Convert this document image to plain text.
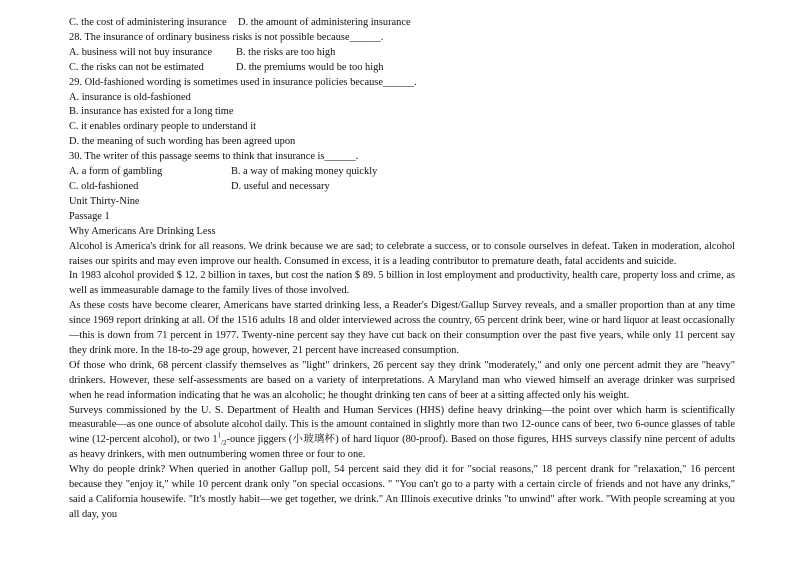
C. the cost of administering insurance	D. the amount of administering insurance
28. The insurance of ordinary business risks is not possible because______.
A. business will not buy insurance	B. the risks are too high
C. the risks can not be estimated	D. the premiums would be too high
29. Old-fashioned wording is sometimes used in insurance policies because______.
A. insurance is old-fashioned
B. insurance has existed for a long time
C. it enables ordinary people to understand it
D. the meaning of such wording has been agreed upon
30. The writer of this passage seems to think that insurance is______.
A. a form of gambling	B. a way of making money quickly
C. old-fashioned	D. useful and necessary
Unit Thirty-Nine
Passage 1
Why Americans Are Drinking Less
Alcohol is America's drink for all reasons. We drink because we are sad; to celebrate a success, or to console ourselves in defeat. Taken in moderation, alcohol raises our spirits and may even improve our health. Consumed in excess, it is a leading contributor to premature death, fatal accidents and suicide.
In 1983 alcohol provided $ 12. 2 billion in taxes, but cost the nation $ 89. 5 billion in lost employment and productivity, health care, property loss and crime, as well as immeasurable damage to the family lives of those involved.
As these costs have become clearer, Americans have started drinking less, a Reader's Digest/Gallup Survey reveals, and a smaller proportion than at any time since 1969 report drinking at all. Of the 1516 adults 18 and older interviewed across the country, 65 percent drink beer, wine or hard liquor at least occasionally—this is down from 71 percent in 1977. Twenty-nine percent say they have cut back on their consumption over the past five years, while only 11 percent say they drink more. In the 18-to-29 age group, however, 21 percent have increased consumption.
Of those who drink, 68 percent classify themselves as "light" drinkers, 26 percent say they drink "moderately," and only one percent admit they are "heavy" drinkers. However, these self-assessments are based on a variety of interpretations. A Maryland man who viewed himself an average drinker was surprised when he read information indicating that he was an alcoholic; he thought drinking ten cans of beer at a sitting affected only his weight.
Surveys commissioned by the U. S. Department of Health and Human Services (HHS) define heavy drinking—the point over which harm is scientifically measurable—as one ounce of absolute alcohol daily. This is the amount contained in slightly more than two 12-ounce cans of beer, two 6-ounce glasses of table wine (12-percent alcohol), or two $1^1_{/2}$-ounce jiggers (小玻璃杯) of hard liquor (80-proof). Based on those figures, HHS surveys classify nine percent of adults as heavy drinkers, with men outnumbering women three or four to one.
Why do people drink? When queried in another Gallup poll, 54 percent said they did it for "social reasons," 18 percent drank for "relaxation," 16 percent because they "enjoy it," while 10 percent drank only "on special occasions. " "You can't go to a party with a certain circle of friends and not have any drinks," said a California housewife. "It's mostly habit—we get together, we drink." An Illinois executive drinks "to unwind" after work. "With people screaming at you all day, you
